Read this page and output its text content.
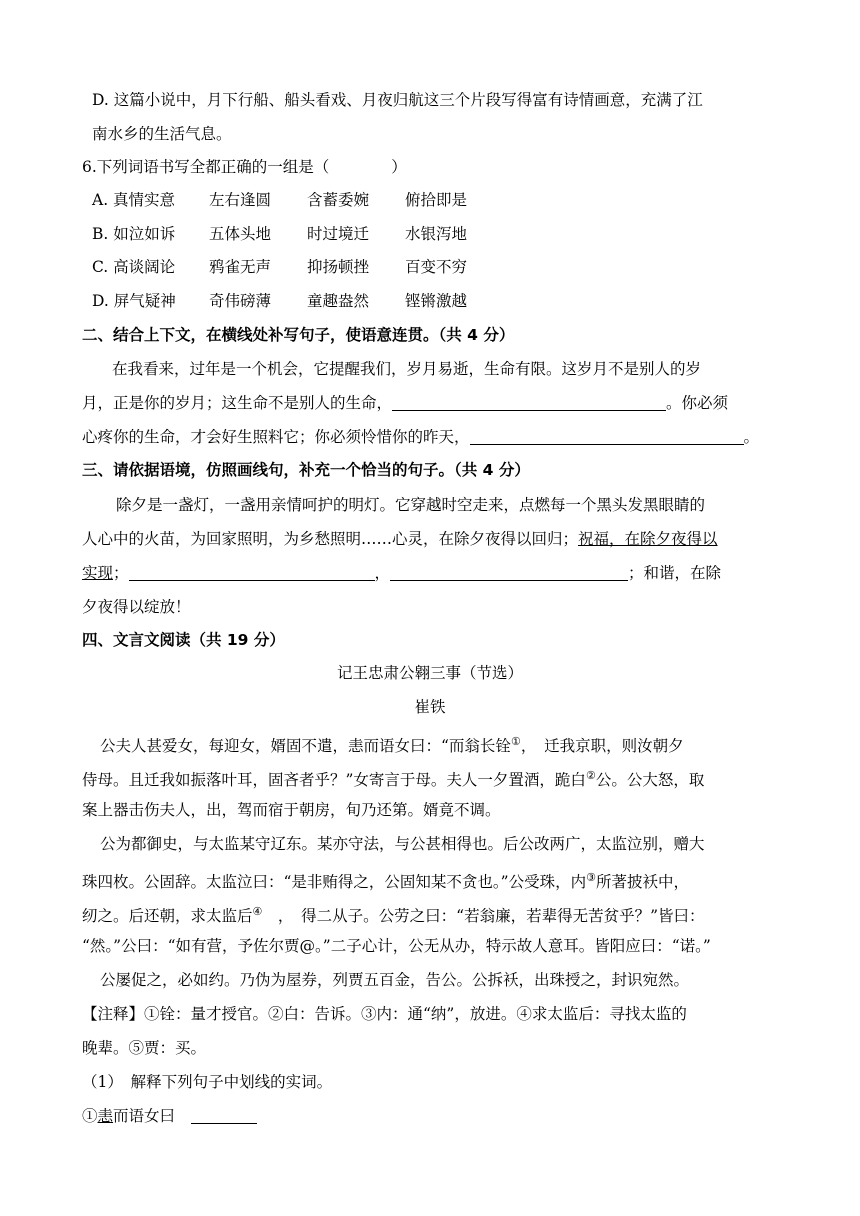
D. 这篇小说中，月下行船、船头看戏、月夜归航这三个片段写得富有诗情画意，充满了江
南水乡的生活气息。
6.下列词语书写全都正确的一组是（　　　　）
A. 真情实意	左右逢圆	含蓄委婉	俯拾即是
B. 如泣如诉	五体头地	时过境迁	水银泻地
C. 高谈阔论	鸦雀无声	抑扬顿挫	百变不穷
D. 屏气疑神	奇伟磅薄	童趣盎然	铿锵激越
二、结合上下文，在横线处补写句子，使语意连贯。（共 4 分）
在我看来，过年是一个机会，它提醒我们，岁月易逝，生命有限。这岁月不是别人的岁
月，正是你的岁月；这生命不是别人的生命，	。你必须
心疼你的生命，才会好生照料它；你必须怜惜你的昨天，	。
三、请依据语境，仿照画线句，补充一个恰当的句子。（共 4 分）
除夕是一盏灯，一盏用亲情呵护的明灯。它穿越时空走来，点燃每一个黑头发黑眼睛的
人心中的火苗，为回家照明，为乡愁照明……心灵，在除夕夜得以回归；祝福，在除夕夜得以
实现；	，	；和谐，在除
夕夜得以绽放！
四、文言文阅读（共 19 分）
记王忠肃公翱三事（节选）
崔铁
公夫人甚爱女，每迎女，婿固不遣，恚而语女曰：“而翁长铨①，　迁我京职，则汝朝夕
侍母。且迁我如振落叶耳，固吝者乎？”女寄言于母。夫人一夕置酒，跪白②公。公大怒，取
案上器击伤夫人，出，驾而宿于朝房，旬乃还第。婿竟不调。
公为都御史，与太监某守辽东。某亦守法，与公甚相得也。后公改两广，太监泣别，赠大
珠四枚。公固辞。太监泣曰：“是非贿得之，公固知某不贪也。”公受珠，内③所著披袄中，
纫之。后还朝，求太监后④　，　得二从子。公劳之曰：“若翁廉，若辈得无苦贫乎？”皆曰：
“然。”公曰：“如有营，予佐尔贾@。”二子心计，公无从办，特示故人意耳。皆阳应曰：“诺。”
公屡促之，必如约。乃伪为屋券，列贾五百金，告公。公拆袄，出珠授之，封识宛然。
【注释】①铨：量才授官。②白：告诉。③内：通“纳”，放进。④求太监后：寻找太监的
晚辈。⑤贾：买。
（1）　解释下列句子中划线的实词。
①恚而语女曰
